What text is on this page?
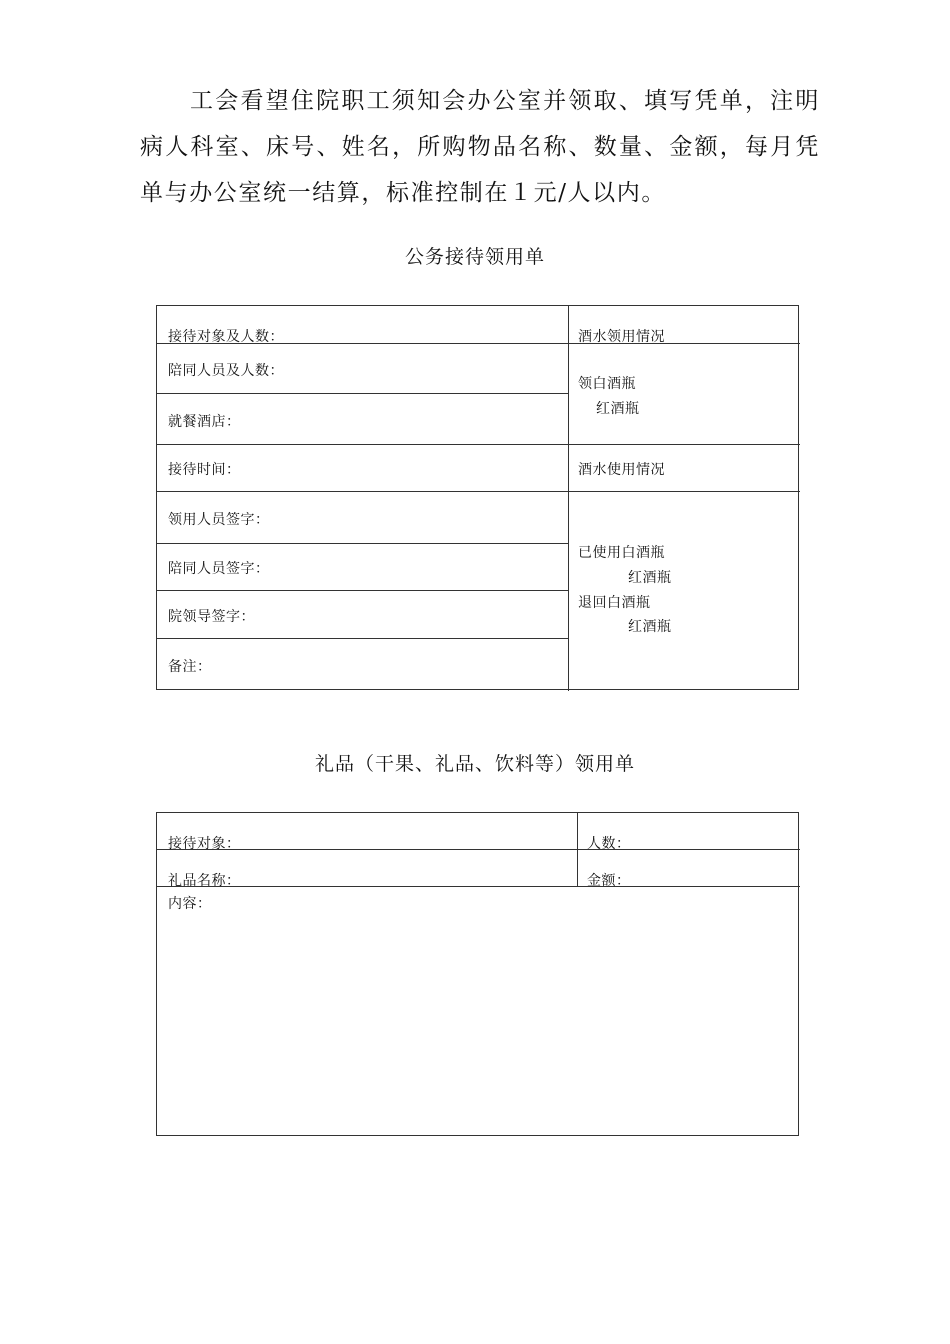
工会看望住院职工须知会办公室并领取、填写凭单，注明病人科室、床号、姓名，所购物品名称、数量、金额，每月凭单与办公室统一结算，标准控制在１元/人以内。

公务接待领用单
接待对象及人数：
陪同人员及人数：
就餐酒店：
接待时间：
领用人员签字：
陪同人员签字：
院领导签字：
备注：
酒水领用情况
领白酒瓶
红酒瓶
酒水使用情况
已使用白酒瓶
红酒瓶
退回白酒瓶
红酒瓶
礼品（干果、礼品、饮料等）领用单
接待对象：	人数：
礼品名称：	金额：
内容：
